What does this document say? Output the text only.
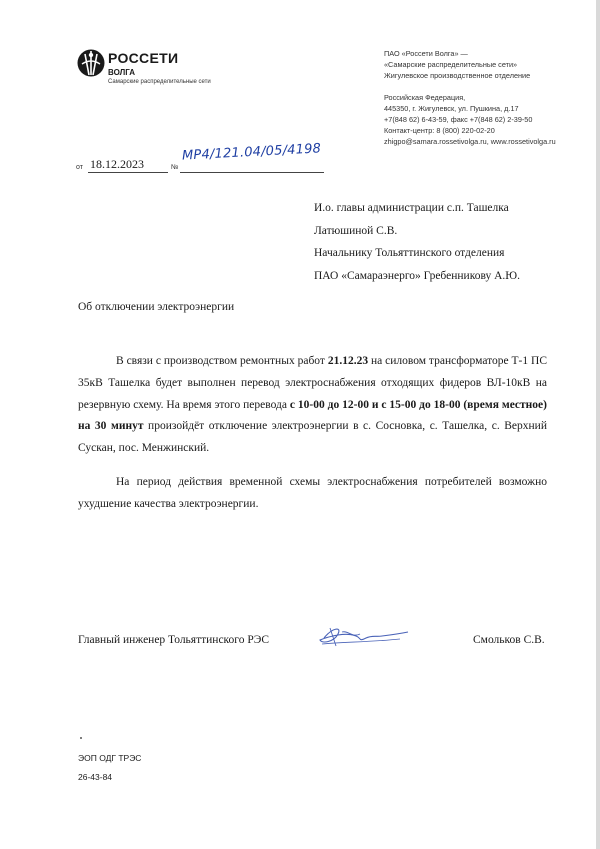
РОССЕТИ
ВОЛГА
Самарские распределительные сети
ПАО «Россети Волга» —
«Самарские распределительные сети»
Жигулевское производственное отделение
Российская Федерация,
445350, г. Жигулевск, ул. Пушкина, д.17
+7(848 62) 6-43-59, факс +7(848 62) 2-39-50
Контакт-центр: 8 (800) 220-02-20
zhigpo@samara.rossetivolga.ru, www.rossetivolga.ru
от 18.12.2023	№
МР4/121.04/05/4198
И.о. главы администрации с.п. Ташелка
Латюшиной С.В.
Начальнику Тольяттинского отделения
ПАО «Самараэнерго» Гребенникову А.Ю.
Об отключении электроэнергии

В связи с производством ремонтных работ 21.12.23 на силовом трансформаторе Т-1 ПС 35кВ Ташелка будет выполнен перевод электроснабжения отходящих фидеров ВЛ-10кВ на резервную схему. На время этого перевода с 10-00 до 12-00 и с 15-00 до 18-00 (время местное) на 30 минут произойдёт отключение электроэнергии в с. Сосновка, с. Ташелка, с. Верхний Сускан, пос. Менжинский.

На период действия временной схемы электроснабжения потребителей возможно ухудшение качества электроэнергии.

Главный инженер Тольяттинского РЭС	Смольков С.В.
ЭОП ОДГ ТРЭС
26-43-84
